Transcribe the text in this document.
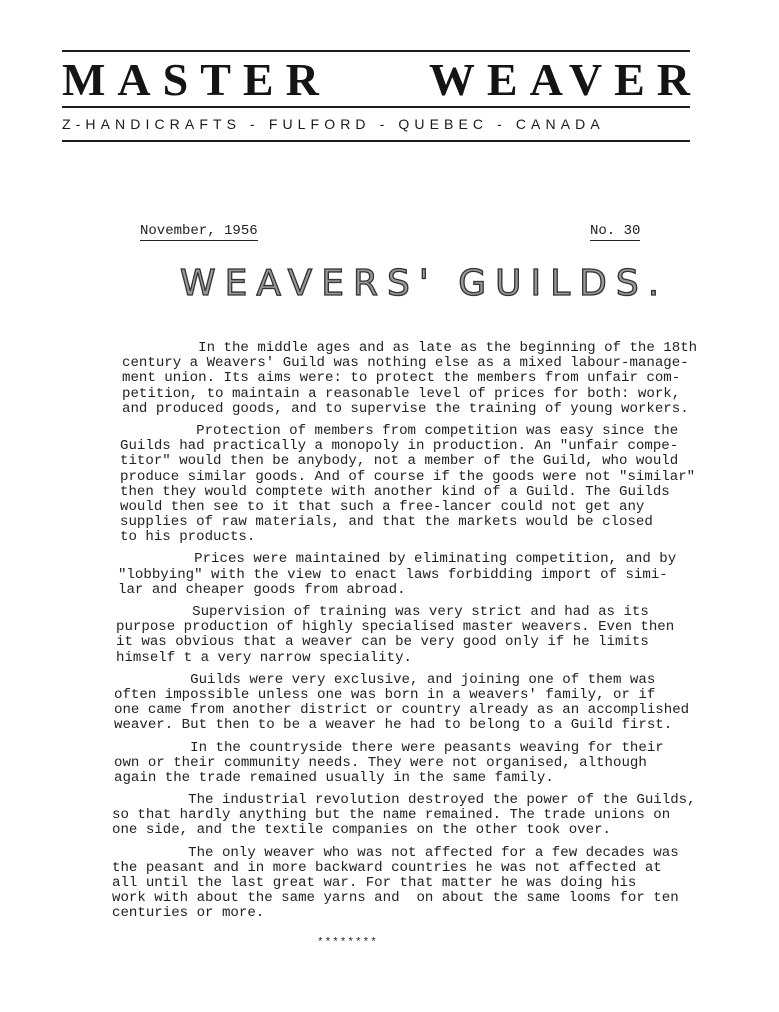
MASTER WEAVER
Z-HANDICRAFTS - FULFORD - QUEBEC - CANADA
November, 1956	No. 30
WEAVERS' GUILDS.
In the middle ages and as late as the beginning of the 18th
century a Weavers' Guild was nothing else as a mixed labour-manage-
ment union. Its aims were: to protect the members from unfair com-
petition, to maintain a reasonable level of prices for both: work,
and produced goods, and to supervise the training of young workers.
Protection of members from competition was easy since the
Guilds had practically a monopoly in production. An "unfair compe-
titor" would then be anybody, not a member of the Guild, who would
produce similar goods. And of course if the goods were not "similar"
then they would comptete with another kind of a Guild. The Guilds
would then see to it that such a free-lancer could not get any
supplies of raw materials, and that the markets would be closed
to his products.
Prices were maintained by eliminating competition, and by
"lobbying" with the view to enact laws forbidding import of simi-
lar and cheaper goods from abroad.
Supervision of training was very strict and had as its
purpose production of highly specialised master weavers. Even then
it was obvious that a weaver can be very good only if he limits
himself t a very narrow speciality.
Guilds were very exclusive, and joining one of them was
often impossible unless one was born in a weavers' family, or if
one came from another district or country already as an accomplished
weaver. But then to be a weaver he had to belong to a Guild first.
In the countryside there were peasants weaving for their
own or their community needs. They were not organised, although
again the trade remained usually in the same family.
The industrial revolution destroyed the power of the Guilds,
so that hardly anything but the name remained. The trade unions on
one side, and the textile companies on the other took over.
The only weaver who was not affected for a few decades was
the peasant and in more backward countries he was not affected at
all until the last great war. For that matter he was doing his
work with about the same yarns and  on about the same looms for ten
centuries or more.
********
